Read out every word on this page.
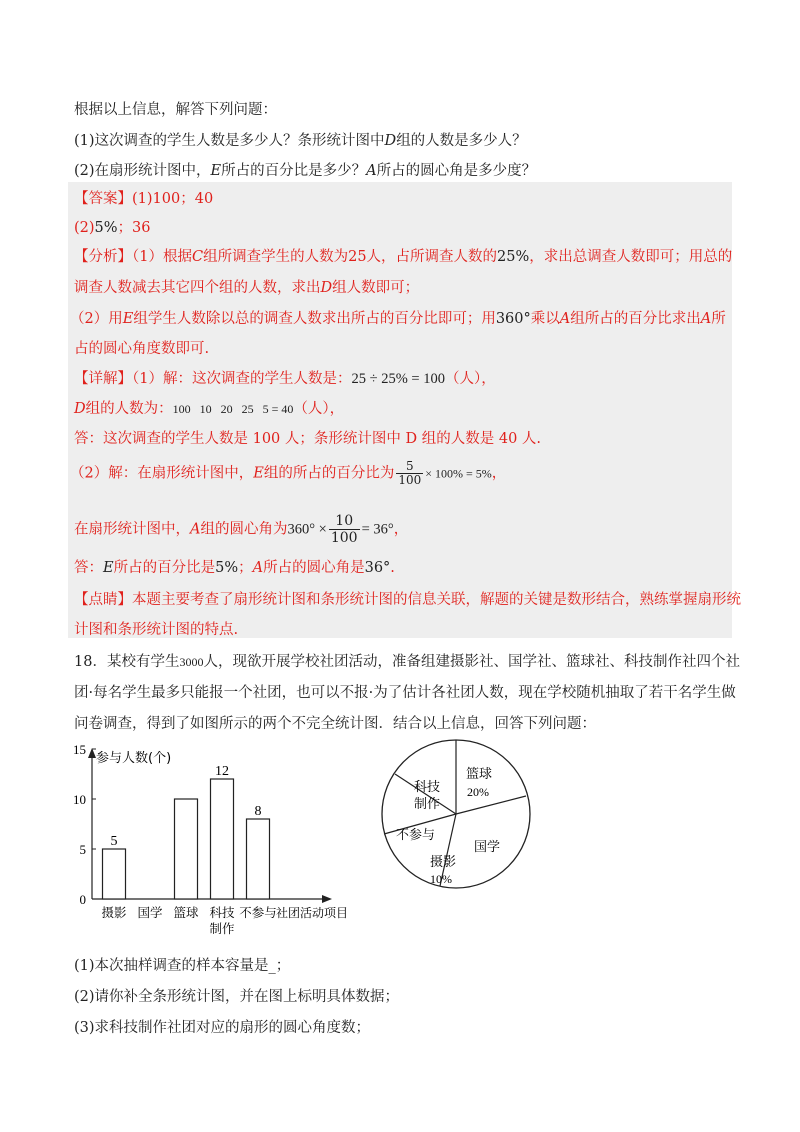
根据以上信息，解答下列问题：
(1)这次调查的学生人数是多少人？条形统计图中D组的人数是多少人？
(2)在扇形统计图中，E所占的百分比是多少？A所占的圆心角是多少度？
【答案】(1)100；40
(2)5%；36
【分析】（1）根据C组所调查学生的人数为25人，占所调查人数的25%，求出总调查人数即可；用总的
调查人数减去其它四个组的人数，求出D组人数即可；
（2）用E组学生人数除以总的调查人数求出所占的百分比即可；用360°乘以A组所占的百分比求出A所
占的圆心角度数即可.
【详解】（1）解：这次调查的学生人数是：25 ÷ 25% = 100（人），
D组的人数为：100   10   20   25   5 = 40（人），
答：这次调查的学生人数是 100 人；条形统计图中 D 组的人数是 40 人.
（2）解：在扇形统计图中，E组的所占的百分比为 $\frac{5}{100} \times 100\% = 5\%$，
在扇形统计图中，A组的圆心角为$360^\circ \times \frac{10}{100} = 36^\circ$，
答：E所占的百分比是5%；A所占的圆心角是36°.
【点睛】本题主要考查了扇形统计图和条形统计图的信息关联，解题的关键是数形结合，熟练掌握扇形统
计图和条形统计图的特点.
18．某校有学生3000人，现欲开展学校社团活动，准备组建摄影社、国学社、篮球社、科技制作社四个社
团·每名学生最多只能报一个社团，也可以不报·为了估计各社团人数，现在学校随机抽取了若干名学生做
问卷调查，得到了如图所示的两个不完全统计图．结合以上信息，回答下列问题：
参与人数(个)
社团活动项目
0
5
10
15
5
12
8
摄影 国学 篮球 科技
制作
不参与
篮球
20%
国学
摄影
10%
不参与
科技
制作
(1)本次抽样调查的样本容量是_；
(2)请你补全条形统计图，并在图上标明具体数据；
(3)求科技制作社团对应的扇形的圆心角度数；
